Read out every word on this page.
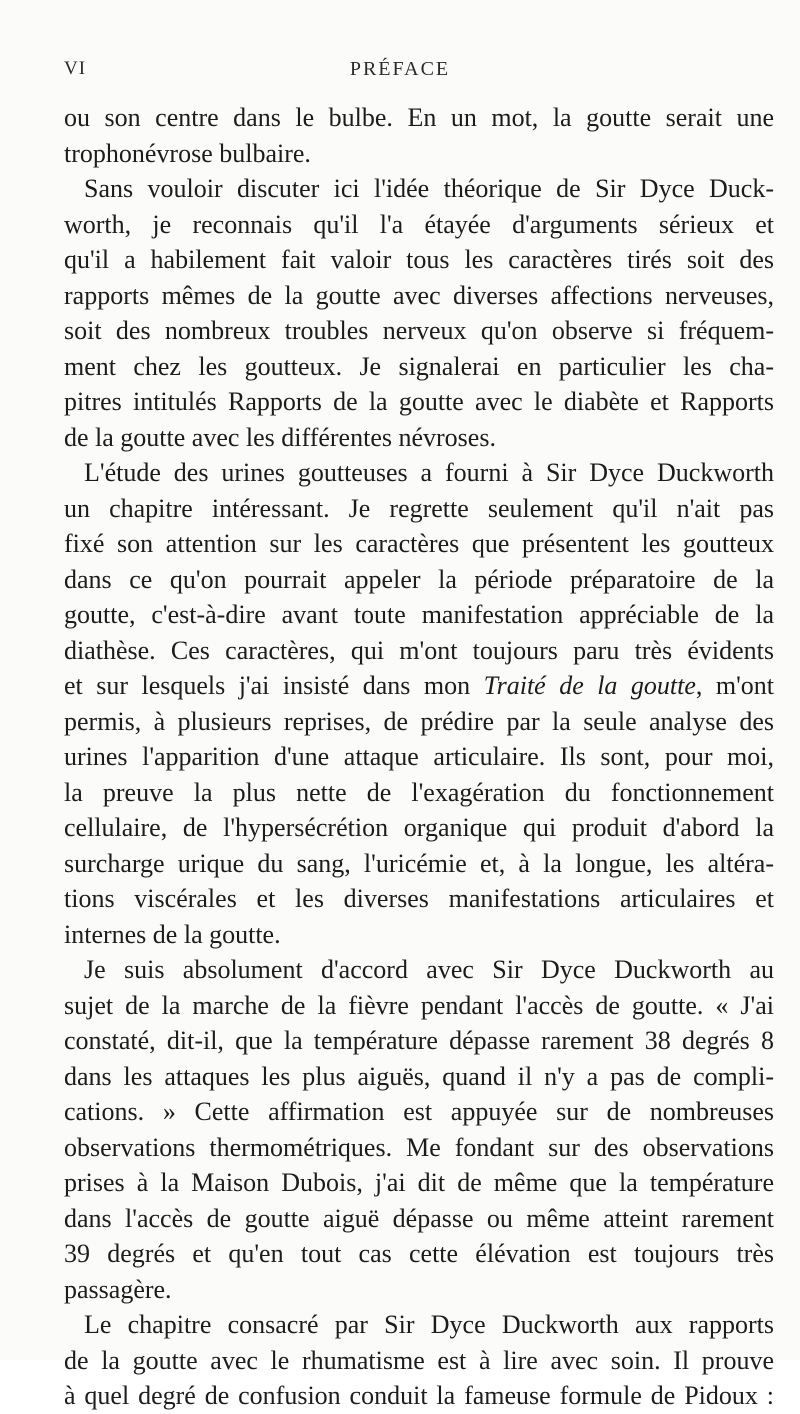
VI	PRÉFACE
ou son centre dans le bulbe. En un mot, la goutte serait une
trophonévrose bulbaire.
Sans vouloir discuter ici l'idée théorique de Sir Dyce Duck-
worth, je reconnais qu'il l'a étayée d'arguments sérieux et
qu'il a habilement fait valoir tous les caractères tirés soit des
rapports mêmes de la goutte avec diverses affections nerveuses,
soit des nombreux troubles nerveux qu'on observe si fréquem-
ment chez les goutteux. Je signalerai en particulier les cha-
pitres intitulés Rapports de la goutte avec le diabète et Rapports
de la goutte avec les différentes névroses.
L'étude des urines goutteuses a fourni à Sir Dyce Duckworth
un chapitre intéressant. Je regrette seulement qu'il n'ait pas
fixé son attention sur les caractères que présentent les goutteux
dans ce qu'on pourrait appeler la période préparatoire de la
goutte, c'est-à-dire avant toute manifestation appréciable de la
diathèse. Ces caractères, qui m'ont toujours paru très évidents
et sur lesquels j'ai insisté dans mon Traité de la goutte, m'ont
permis, à plusieurs reprises, de prédire par la seule analyse des
urines l'apparition d'une attaque articulaire. Ils sont, pour moi,
la preuve la plus nette de l'exagération du fonctionnement
cellulaire, de l'hypersécrétion organique qui produit d'abord la
surcharge urique du sang, l'uricémie et, à la longue, les altéra-
tions viscérales et les diverses manifestations articulaires et
internes de la goutte.
Je suis absolument d'accord avec Sir Dyce Duckworth au
sujet de la marche de la fièvre pendant l'accès de goutte. « J'ai
constaté, dit-il, que la température dépasse rarement 38 degrés 8
dans les attaques les plus aiguës, quand il n'y a pas de compli-
cations. » Cette affirmation est appuyée sur de nombreuses
observations thermométriques. Me fondant sur des observations
prises à la Maison Dubois, j'ai dit de même que la température
dans l'accès de goutte aiguë dépasse ou même atteint rarement
39 degrés et qu'en tout cas cette élévation est toujours très
passagère.
Le chapitre consacré par Sir Dyce Duckworth aux rapports
de la goutte avec le rhumatisme est à lire avec soin. Il prouve
à quel degré de confusion conduit la fameuse formule de Pidoux :
